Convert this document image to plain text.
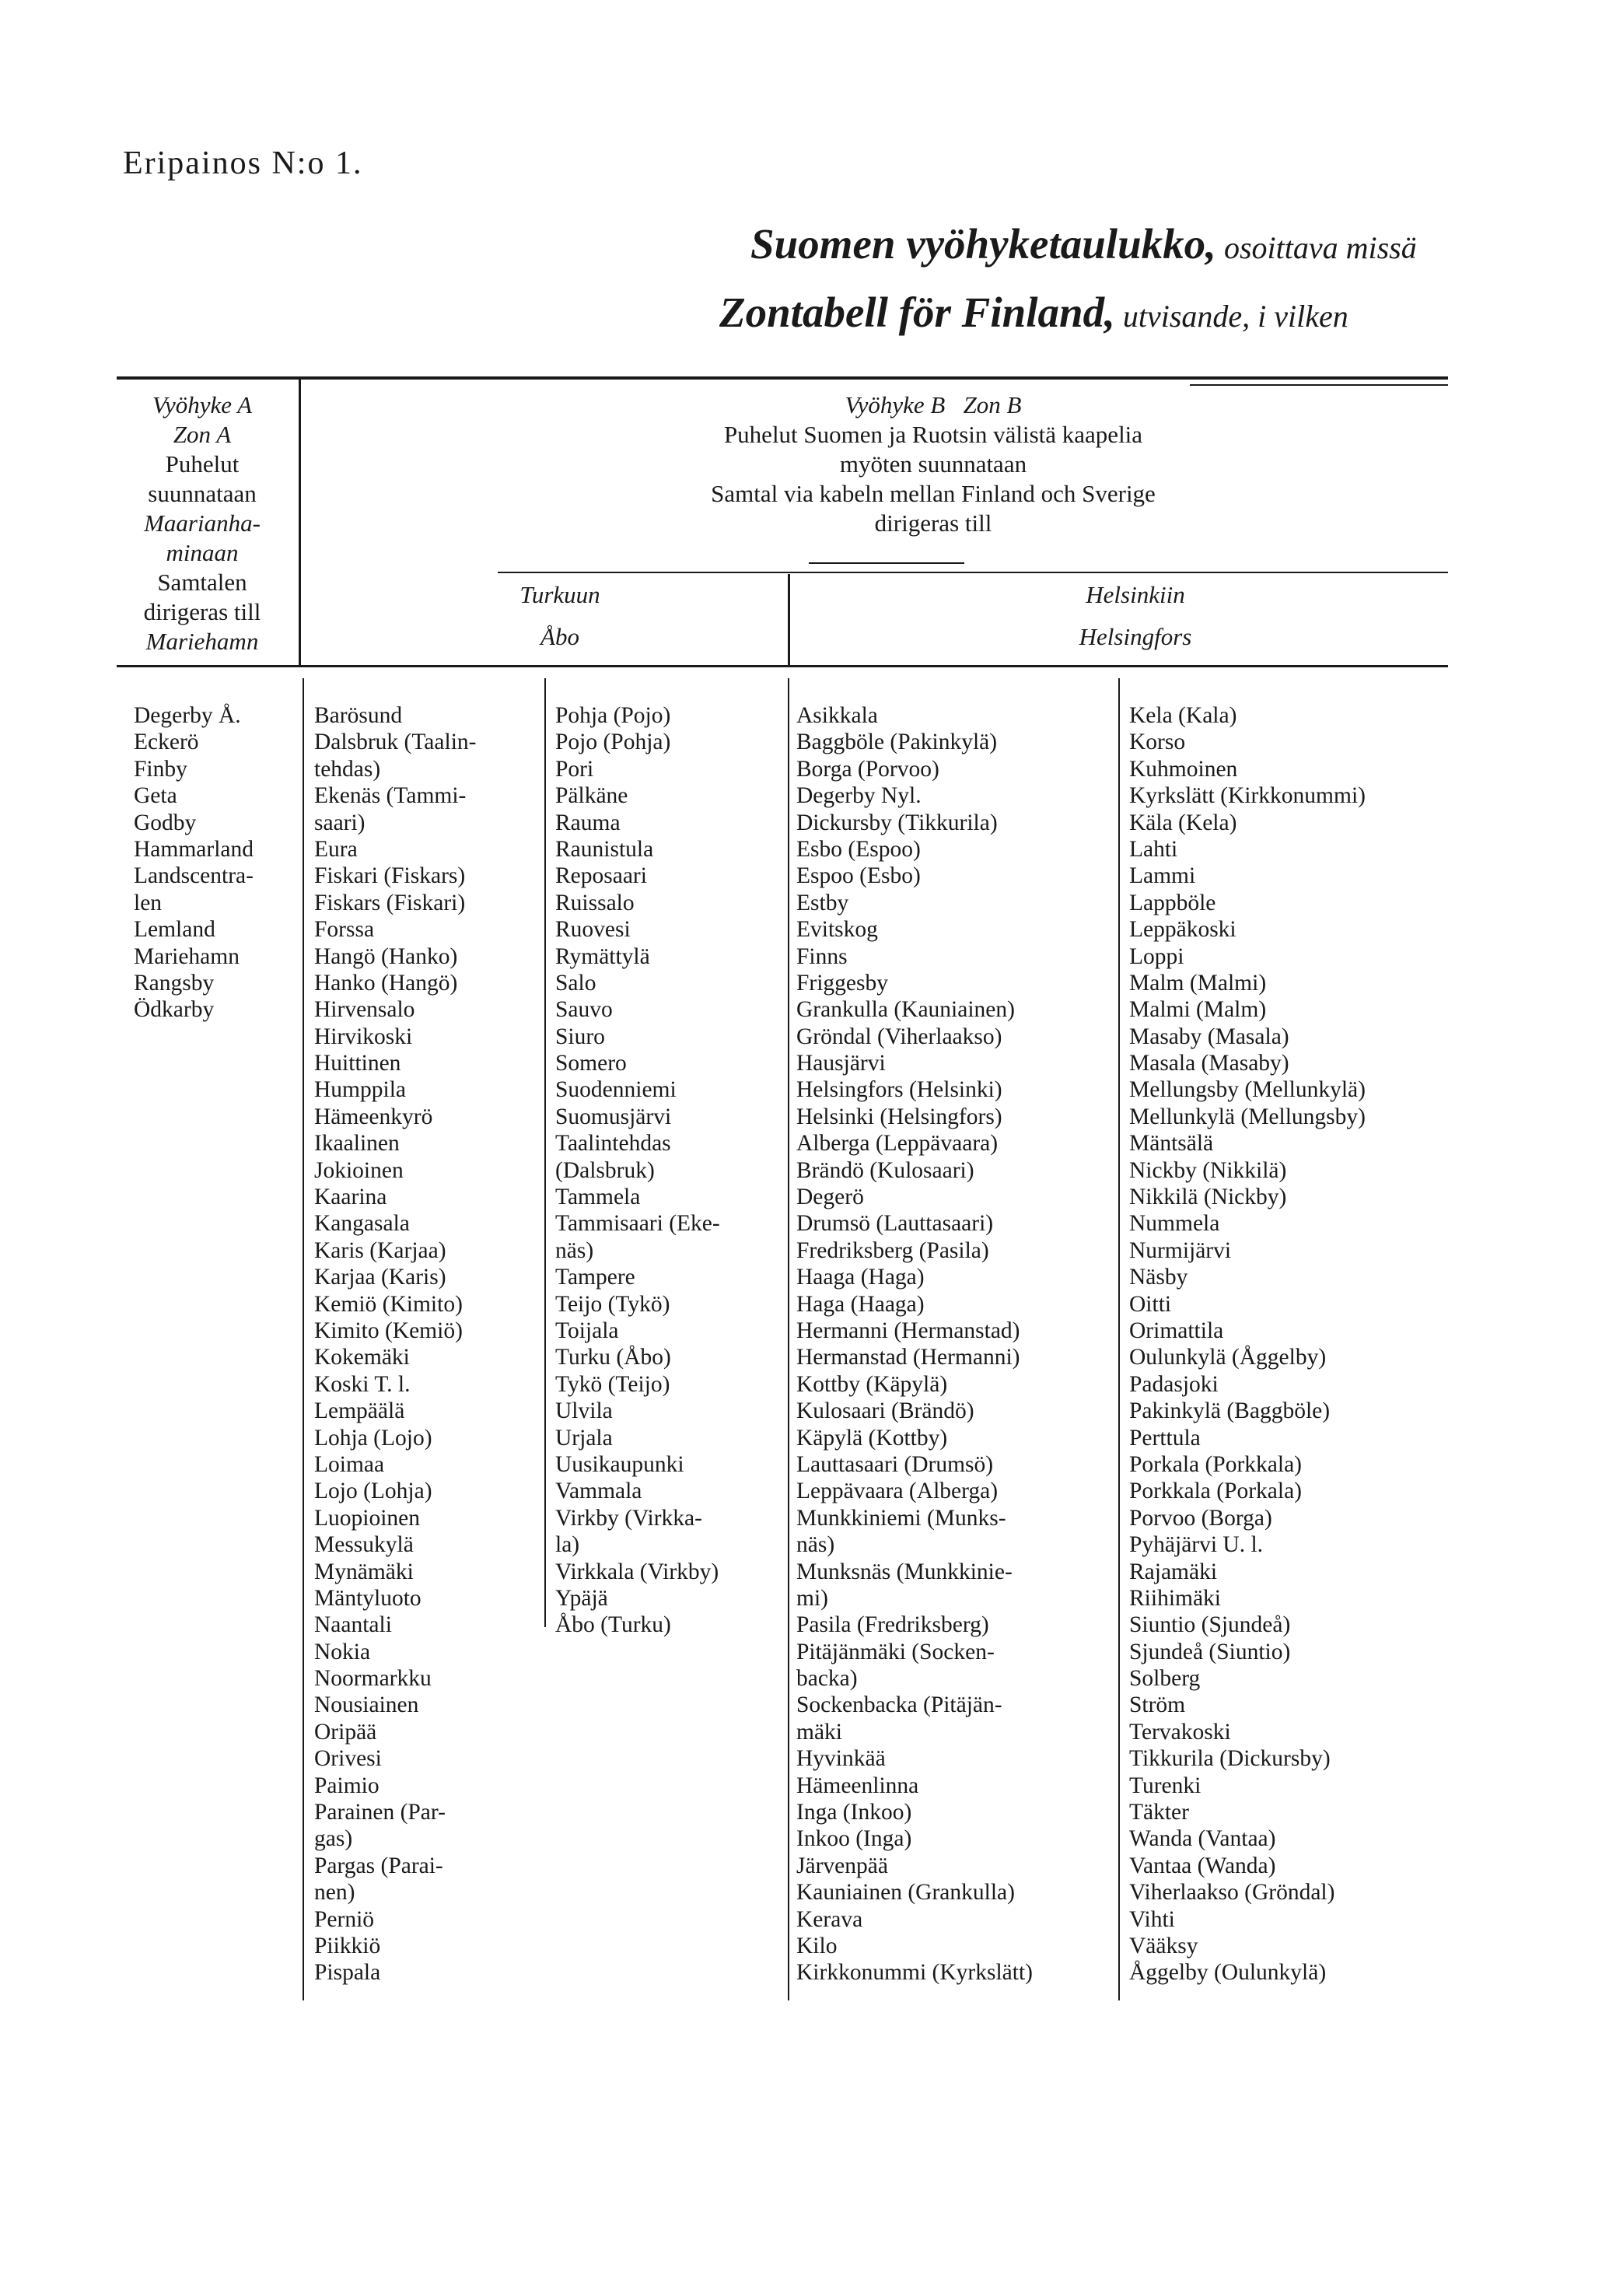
Eripainos N:o 1.
Suomen vyöhyketaulukko, osoittava missä
Zontabell för Finland, utvisande, i vilken
Vyöhyke A
Zon A
Puhelut
suunnataan
Maarianha-
minaan
Samtalen
dirigeras till
Mariehamn
Vyöhyke B   Zon B
Puhelut Suomen ja Ruotsin välistä kaapelia
myöten suunnataan
Samtal via kabeln mellan Finland och Sverige
dirigeras till
Turkuun
Åbo
Helsinkiin
Helsingfors
Degerby Å.
Eckerö
Finby
Geta
Godby
Hammarland
Landscentra-
len
Lemland
Mariehamn
Rangsby
Ödkarby
Barösund
Dalsbruk (Taalin-
tehdas)
Ekenäs (Tammi-
saari)
Eura
Fiskari (Fiskars)
Fiskars (Fiskari)
Forssa
Hangö (Hanko)
Hanko (Hangö)
Hirvensalo
Hirvikoski
Huittinen
Humppila
Hämeenkyrö
Ikaalinen
Jokioinen
Kaarina
Kangasala
Karis (Karjaa)
Karjaa (Karis)
Kemiö (Kimito)
Kimito (Kemiö)
Kokemäki
Koski T. l.
Lempäälä
Lohja (Lojo)
Loimaa
Lojo (Lohja)
Luopioinen
Messukylä
Mynämäki
Mäntyluoto
Naantali
Nokia
Noormarkku
Nousiainen
Oripää
Orivesi
Paimio
Parainen (Par-
gas)
Pargas (Parai-
nen)
Perniö
Piikkiö
Pispala
Pohja (Pojo)
Pojo (Pohja)
Pori
Pälkäne
Rauma
Raunistula
Reposaari
Ruissalo
Ruovesi
Rymättylä
Salo
Sauvo
Siuro
Somero
Suodenniemi
Suomusjärvi
Taalintehdas
(Dalsbruk)
Tammela
Tammisaari (Eke-
näs)
Tampere
Teijo (Tykö)
Toijala
Turku (Åbo)
Tykö (Teijo)
Ulvila
Urjala
Uusikaupunki
Vammala
Virkby (Virkka-
la)
Virkkala (Virkby)
Ypäjä
Åbo (Turku)
Asikkala
Baggböle (Pakinkylä)
Borga (Porvoo)
Degerby Nyl.
Dickursby (Tikkurila)
Esbo (Espoo)
Espoo (Esbo)
Estby
Evitskog
Finns
Friggesby
Grankulla (Kauniainen)
Gröndal (Viherlaakso)
Hausjärvi
Helsingfors (Helsinki)
Helsinki (Helsingfors)
Alberga (Leppävaara)
Brändö (Kulosaari)
Degerö
Drumsö (Lauttasaari)
Fredriksberg (Pasila)
Haaga (Haga)
Haga (Haaga)
Hermanni (Hermanstad)
Hermanstad (Hermanni)
Kottby (Käpylä)
Kulosaari (Brändö)
Käpylä (Kottby)
Lauttasaari (Drumsö)
Leppävaara (Alberga)
Munkkiniemi (Munks-
näs)
Munksnäs (Munkkinie-
mi)
Pasila (Fredriksberg)
Pitäjänmäki (Socken-
backa)
Sockenbacka (Pitäjän-
mäki
Hyvinkää
Hämeenlinna
Inga (Inkoo)
Inkoo (Inga)
Järvenpää
Kauniainen (Grankulla)
Kerava
Kilo
Kirkkonummi (Kyrkslätt)
Kela (Kala)
Korso
Kuhmoinen
Kyrkslätt (Kirkkonummi)
Käla (Kela)
Lahti
Lammi
Lappböle
Leppäkoski
Loppi
Malm (Malmi)
Malmi (Malm)
Masaby (Masala)
Masala (Masaby)
Mellungsby (Mellunkylä)
Mellunkylä (Mellungsby)
Mäntsälä
Nickby (Nikkilä)
Nikkilä (Nickby)
Nummela
Nurmijärvi
Näsby
Oitti
Orimattila
Oulunkylä (Åggelby)
Padasjoki
Pakinkylä (Baggböle)
Perttula
Porkala (Porkkala)
Porkkala (Porkala)
Porvoo (Borga)
Pyhäjärvi U. l.
Rajamäki
Riihimäki
Siuntio (Sjundeå)
Sjundeå (Siuntio)
Solberg
Ström
Tervakoski
Tikkurila (Dickursby)
Turenki
Täkter
Wanda (Vantaa)
Vantaa (Wanda)
Viherlaakso (Gröndal)
Vihti
Vääksy
Åggelby (Oulunkylä)
